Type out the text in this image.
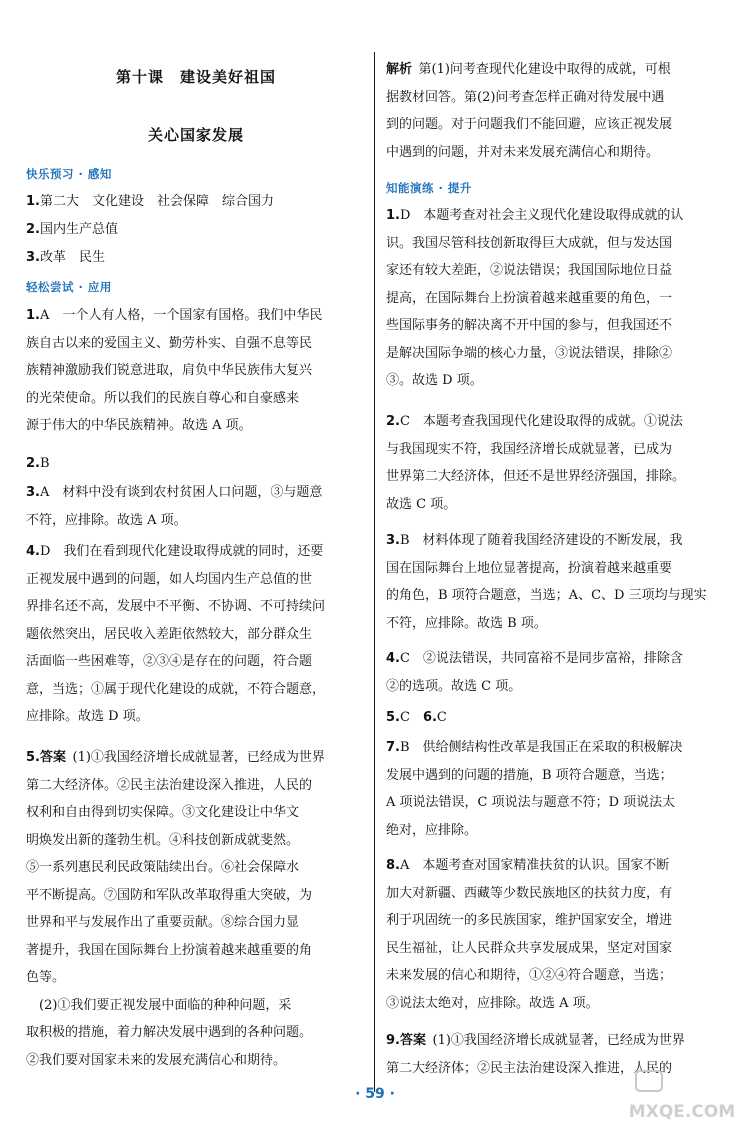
第十课　建设美好祖国
关心国家发展
快乐预习 · 感知
1.第二大　文化建设　社会保障　综合国力
2.国内生产总值
3.改革　民生
轻松尝试 · 应用
1.A　一个人有人格，一个国家有国格。我们中华民
族自古以来的爱国主义、勤劳朴实、自强不息等民
族精神激励我们锐意进取，肩负中华民族伟大复兴
的光荣使命。所以我们的民族自尊心和自豪感来
源于伟大的中华民族精神。故选 A 项。
2.B
3.A　材料中没有谈到农村贫困人口问题，③与题意
不符，应排除。故选 A 项。
4.D　我们在看到现代化建设取得成就的同时，还要
正视发展中遇到的问题，如人均国内生产总值的世
界排名还不高，发展中不平衡、不协调、不可持续问
题依然突出，居民收入差距依然较大，部分群众生
活面临一些困难等，②③④是存在的问题，符合题
意，当选；①属于现代化建设的成就，不符合题意，
应排除。故选 D 项。
5.答案  (1)①我国经济增长成就显著，已经成为世界
第二大经济体。②民主法治建设深入推进，人民的
权利和自由得到切实保障。③文化建设让中华文
明焕发出新的蓬勃生机。④科技创新成就斐然。
⑤一系列惠民利民政策陆续出台。⑥社会保障水
平不断提高。⑦国防和军队改革取得重大突破，为
世界和平与发展作出了重要贡献。⑧综合国力显
著提升，我国在国际舞台上扮演着越来越重要的角
色等。
(2)①我们要正视发展中面临的种种问题，采
取积极的措施，着力解决发展中遇到的各种问题。
②我们要对国家未来的发展充满信心和期待。
解析  第(1)问考查现代化建设中取得的成就，可根
据教材回答。第(2)问考查怎样正确对待发展中遇
到的问题。对于问题我们不能回避，应该正视发展
中遇到的问题，并对未来发展充满信心和期待。
知能演练 · 提升
1.D　本题考查对社会主义现代化建设取得成就的认
识。我国尽管科技创新取得巨大成就，但与发达国
家还有较大差距，②说法错误；我国国际地位日益
提高，在国际舞台上扮演着越来越重要的角色，一
些国际事务的解决离不开中国的参与，但我国还不
是解决国际争端的核心力量，③说法错误，排除②
③。故选 D 项。
2.C　本题考查我国现代化建设取得的成就。①说法
与我国现实不符，我国经济增长成就显著，已成为
世界第二大经济体，但还不是世界经济强国，排除。
故选 C 项。
3.B　材料体现了随着我国经济建设的不断发展，我
国在国际舞台上地位显著提高，扮演着越来越重要
的角色，B 项符合题意，当选；A、C、D 三项均与现实
不符，应排除。故选 B 项。
4.C　②说法错误，共同富裕不是同步富裕，排除含
②的选项。故选 C 项。
5.C  6.C
7.B　供给侧结构性改革是我国正在采取的积极解决
发展中遇到的问题的措施，B 项符合题意，当选；
A 项说法错误，C 项说法与题意不符；D 项说法太
绝对，应排除。
8.A　本题考查对国家精准扶贫的认识。国家不断
加大对新疆、西藏等少数民族地区的扶贫力度，有
利于巩固统一的多民族国家，维护国家安全，增进
民生福祉，让人民群众共享发展成果，坚定对国家
未来发展的信心和期待，①②④符合题意，当选；
③说法太绝对，应排除。故选 A 项。
9.答案  (1)①我国经济增长成就显著，已经成为世界
第二大经济体；②民主法治建设深入推进，人民的
· 59 ·
MXQE.COM
